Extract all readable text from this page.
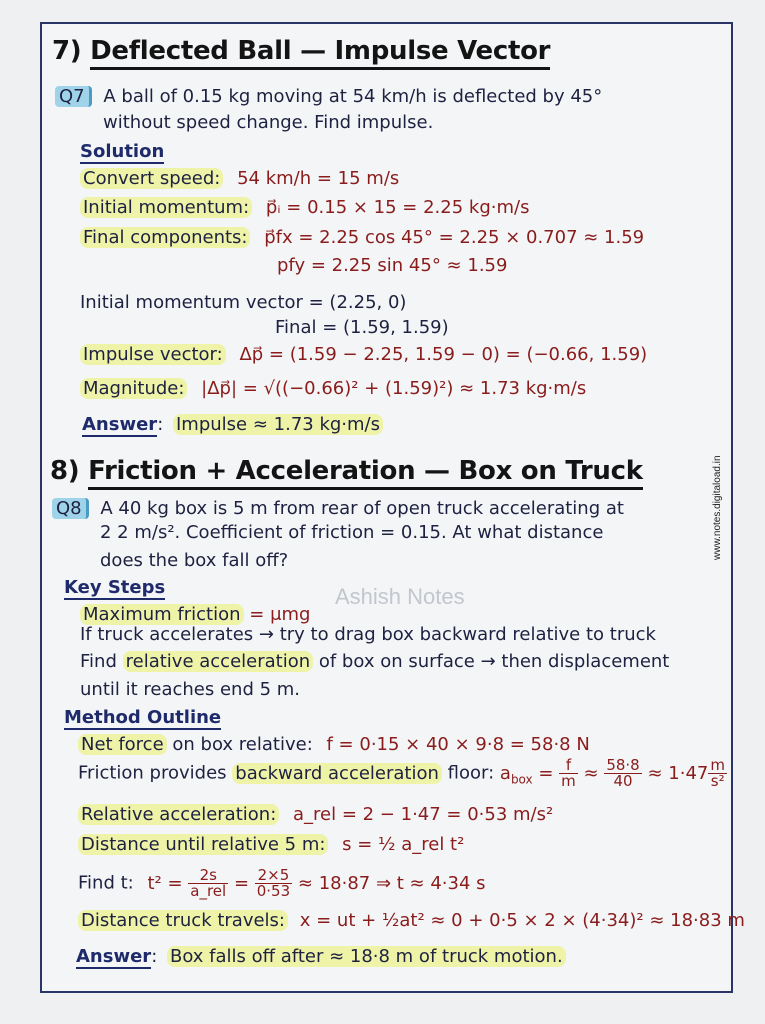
7) Deflected Ball — Impulse Vector
Q7 A ball of 0.15 kg moving at 54 km/h is deflected by 45°
without speed change. Find impulse.
Solution
Convert speed: 54 km/h = 15 m/s
Initial momentum: p⃗ᵢ = 0.15 × 15 = 2.25 kg·m/s
Final components: p⃗fx = 2.25 cos 45° = 2.25 × 0.707 ≈ 1.59
pfy = 2.25 sin 45° ≈ 1.59
Initial momentum vector = (2.25, 0)
Final = (1.59, 1.59)
Impulse vector: Δp⃗ = (1.59 − 2.25, 1.59 − 0) = (−0.66, 1.59)
Magnitude: |Δp⃗| = √((−0.66)² + (1.59)²) ≈ 1.73 kg·m/s
Answer: Impulse ≈ 1.73 kg·m/s
8) Friction + Acceleration — Box on Truck
Q8 A 40 kg box is 5 m from rear of open truck accelerating at
2 2 m/s². Coefficient of friction = 0.15. At what distance
does the box fall off?
Key Steps	Ashish Notes
Maximum friction = μmg
If truck accelerates → try to drag box backward relative to truck
Find relative acceleration of box on surface → then displacement
until it reaches end 5 m.
Method Outline
Net force on box relative: f = 0·15 × 40 × 9·8 = 58·8 N
Friction provides backward acceleration floor: $a_{box} = \frac{f}{m} \approx \frac{58\cdot 8}{40} \approx 1\cdot 47 \frac{m}{\text{s²}}$
Relative acceleration: a_rel = 2 − 1·47 = 0·53 m/s²
Distance until relative 5 m: s = ½ a_rel t²
Find t: $t^2 = \frac{2s}{\text{a\_rel}} = \frac{2\times 5}{0\cdot 53} \approx 18\cdot 87$ ⇒ t ≈ 4·34 s
Distance truck travels: x = ut + ½at² ≈ 0 + 0·5 × 2 × (4·34)² ≈ 18·83 m
Answer: Box falls off after ≈ 18·8 m of truck motion.
www.notes.digitaload.in
